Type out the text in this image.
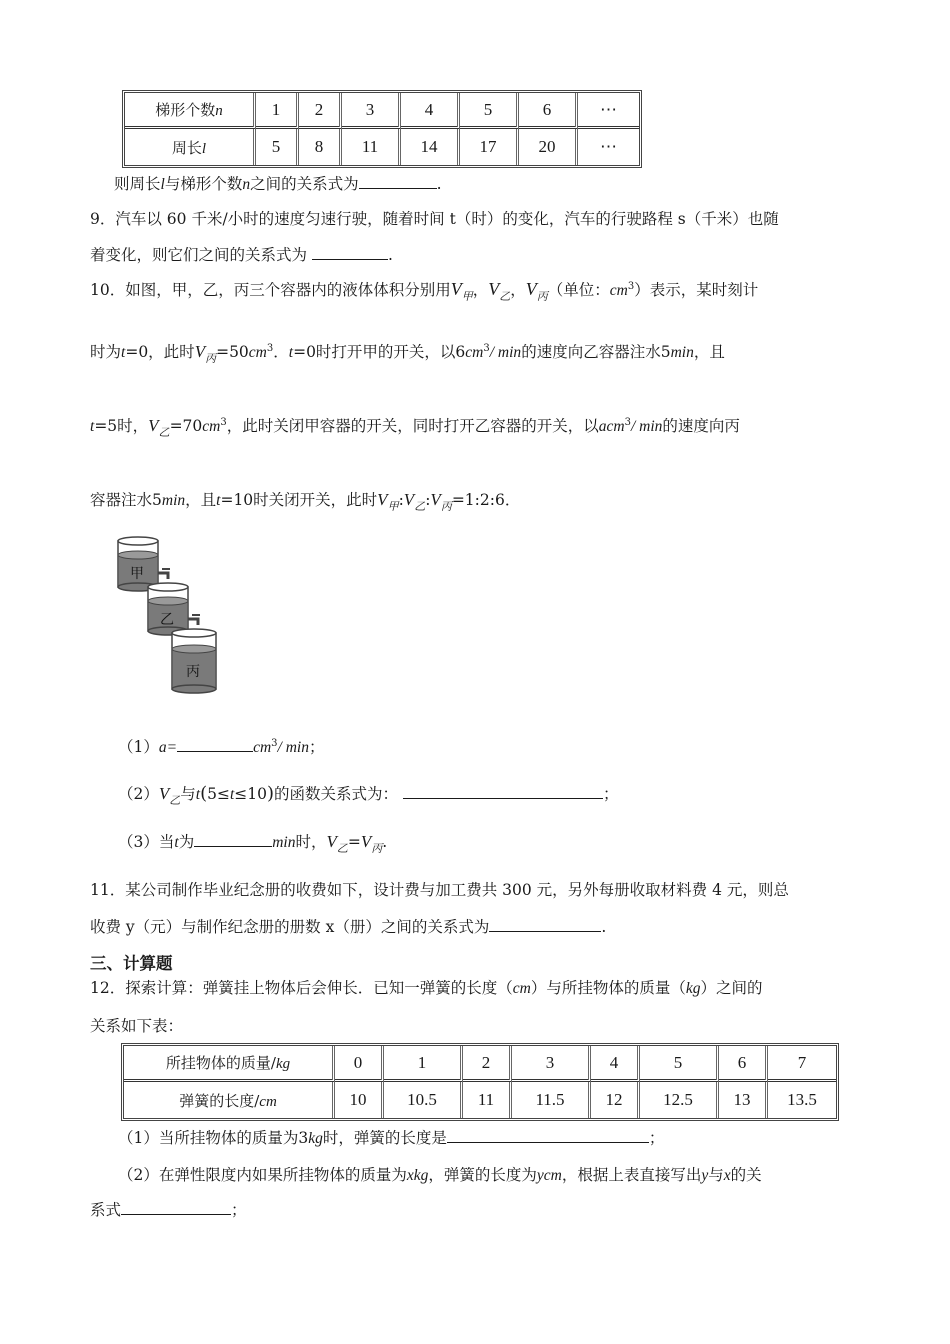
梯形个数n	1	2	3	4	5	6	⋯
周长l	5	8	11	14	17	20	⋯
则周长l与梯形个数n之间的关系式为	.
9．汽车以 60 千米/小时的速度匀速行驶，随着时间 t（时）的变化，汽车的行驶路程 s（千米）也随
着变化，则它们之间的关系式为	.
10．如图，甲，乙，丙三个容器内的液体体积分别用$V_甲$，$V_乙$，$V_丙$（单位：$cm^3$）表示，某时刻计
时为t=0，此时$V_丙=50cm^3$．t=0时打开甲的开关，以$6cm^3/$ min的速度向乙容器注水5min，且
t=5时，$V_乙=70cm^3$，此时关闭甲容器的开关，同时打开乙容器的开关，以acm$^3$/ min的速度向丙
容器注水5min，且t=10时关闭开关，此时$V_甲:V_乙:V_丙=1:2:6$．
甲
乙
丙
（1）a=	$cm^3/$ min；
$(2)V_乙$与t(5≤t≤10)的函数关系式为：	；
（3）当t为	min时，$V_乙=V_丙$.
11．某公司制作毕业纪念册的收费如下，设计费与加工费共 300 元，另外每册收取材料费 4 元，则总
收费 y（元）与制作纪念册的册数 x（册）之间的关系式为	.
三、计算题
12．探索计算：弹簧挂上物体后会伸长．已知一弹簧的长度（cm）与所挂物体的质量（kg）之间的
关系如下表：
所挂物体的质量/kg	0	1	2	3	4	5	6	7
弹簧的长度/cm	10	10.5	11	11.5	12	12.5	13	13.5
（1）当所挂物体的质量为3kg时，弹簧的长度是	；
（2）在弹性限度内如果所挂物体的质量为xkg，弹簧的长度为ycm，根据上表直接写出y与x的关
系式	；
